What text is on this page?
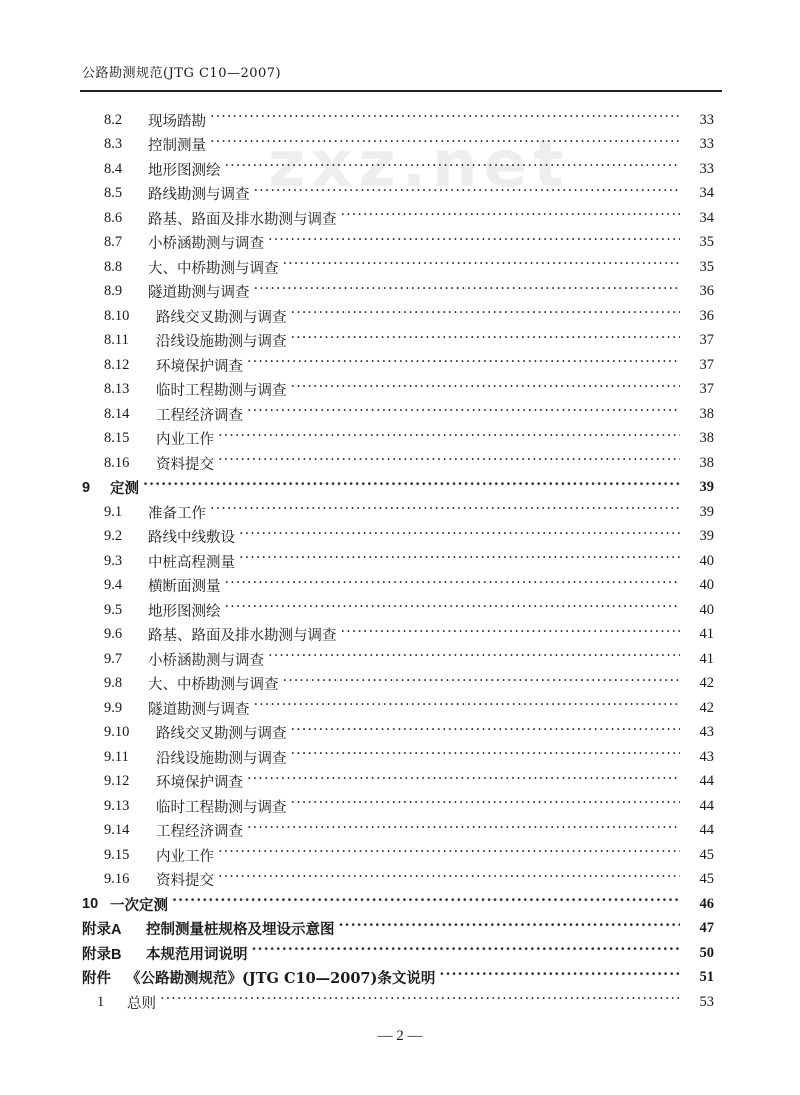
公路勘测规范(JTG C10—2007)
zxz.net
8.2	现场踏勘 ·····	33
8.3	控制测量 ·····	33
8.4	地形图测绘 ·····	33
8.5	路线勘测与调查 ·····	34
8.6	路基、路面及排水勘测与调查 ·····	34
8.7	小桥涵勘测与调查 ·····	35
8.8	大、中桥勘测与调查 ·····	35
8.9	隧道勘测与调查 ·····	36
8.10	路线交叉勘测与调查 ·····	36
8.11	沿线设施勘测与调查 ·····	37
8.12	环境保护调查 ·····	37
8.13	临时工程勘测与调查 ·····	37
8.14	工程经济调查 ·····	38
8.15	内业工作 ·····	38
8.16	资料提交 ·····	38
9	定测 ·····	39
9.1	准备工作 ·····	39
9.2	路线中线敷设 ·····	39
9.3	中桩高程测量 ·····	40
9.4	横断面测量 ·····	40
9.5	地形图测绘 ·····	40
9.6	路基、路面及排水勘测与调查 ·····	41
9.7	小桥涵勘测与调查 ·····	41
9.8	大、中桥勘测与调查 ·····	42
9.9	隧道勘测与调查 ·····	42
9.10	路线交叉勘测与调查 ·····	43
9.11	沿线设施勘测与调查 ·····	43
9.12	环境保护调查 ·····	44
9.13	临时工程勘测与调查 ·····	44
9.14	工程经济调查 ·····	44
9.15	内业工作 ·····	45
9.16	资料提交 ·····	45
10 一次定测 ·····	46
附录A	控制测量桩规格及埋设示意图 ·····	47
附录B	本规范用词说明 ·····	50
附件	《公路勘测规范》(JTG C10—2007)条文说明 ·····	51
1	总则 ·····	53
— 2 —
